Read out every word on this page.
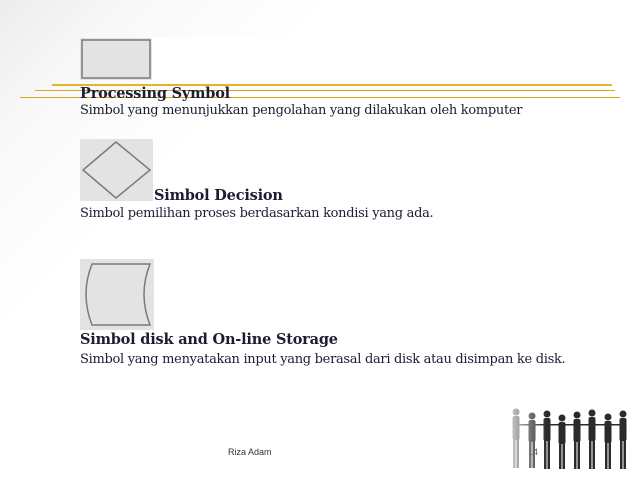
Processing Symbol
Simbol yang menunjukkan pengolahan yang dilakukan oleh komputer
Simbol Decision
Simbol pemilihan proses berdasarkan kondisi yang ada.
Simbol disk and On-line Storage
Simbol yang menyatakan input yang berasal dari disk atau disimpan ke disk.
Riza Adam
